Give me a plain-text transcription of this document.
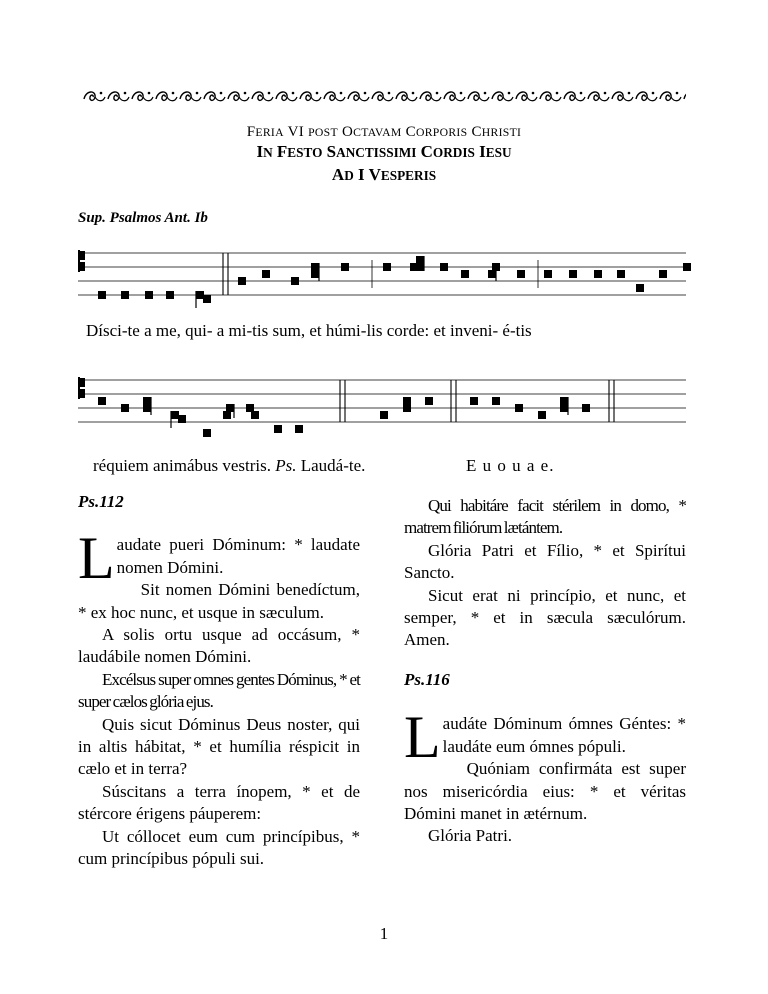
FERIA VI POST OCTAVAM CORPORIS CHRISTI
IN FESTO SANCTISSIMI CORDIS IESU
AD I VESPERIS
Sup. Psalmos Ant. Ib
Dísci-te a me, qui- a mi-tis sum, et húmi-lis corde: et inveni- é-tis
réquiem animábus vestris. Ps. Laudá-te.	E u o u a e.
Ps.112

Laudate pueri Dóminum: * laudate nomen Dómini.

Sit nomen Dómini benedíctum, * ex hoc nunc, et usque in sæculum.

A solis ortu usque ad occásum, * laudábile nomen Dómini.

Excélsus super omnes gentes Dóminus, * et super cælos glória ejus.

Quis sicut Dóminus Deus noster, qui in altis hábitat, * et humília réspicit in cælo et in terra?

Súscitans a terra ínopem, * et de stércore érigens páuperem:

Ut cóllocet eum cum princípibus, * cum princípibus pópuli sui.

Qui habitáre facit stérilem in domo, * matrem filiórum lætántem.

Glória Patri et Fílio, * et Spirítui Sancto.

Sicut erat ni princípio, et nunc, et semper, * et in sæcula sæculórum. Amen.

Ps.116

Laudáte Dóminum ómnes Géntes: * laudáte eum ómnes pópuli.

Quóniam confirmáta est super nos misericórdia eius: * et véritas Dómini manet in ætérnum.

Glória Patri.

1
